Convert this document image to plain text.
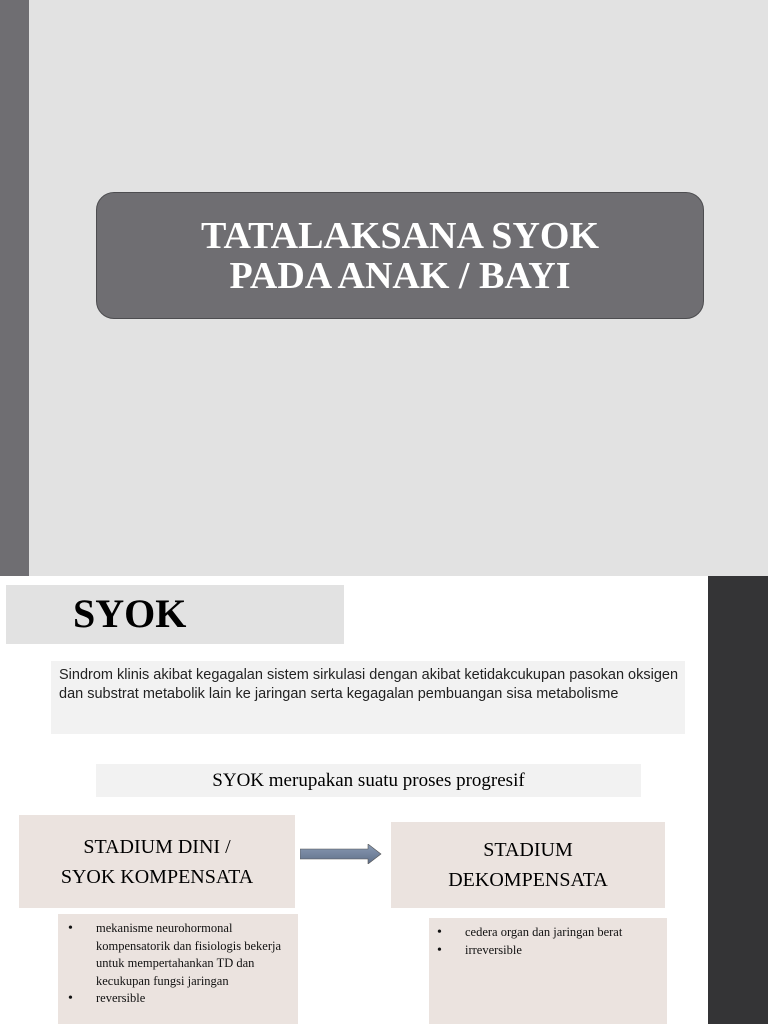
TATALAKSANA SYOK
PADA ANAK / BAYI
SYOK
Sindrom klinis akibat kegagalan sistem sirkulasi dengan akibat ketidakcukupan pasokan oksigen dan substrat metabolik lain ke jaringan serta kegagalan pembuangan sisa metabolisme
SYOK merupakan suatu proses progresif
STADIUM DINI /
SYOK KOMPENSATA
STADIUM
DEKOMPENSATA
• mekanisme neurohormonal kompensatorik dan fisiologis bekerja untuk mempertahankan TD dan kecukupan fungsi jaringan
• reversible
• cedera organ dan jaringan berat
• irreversible
